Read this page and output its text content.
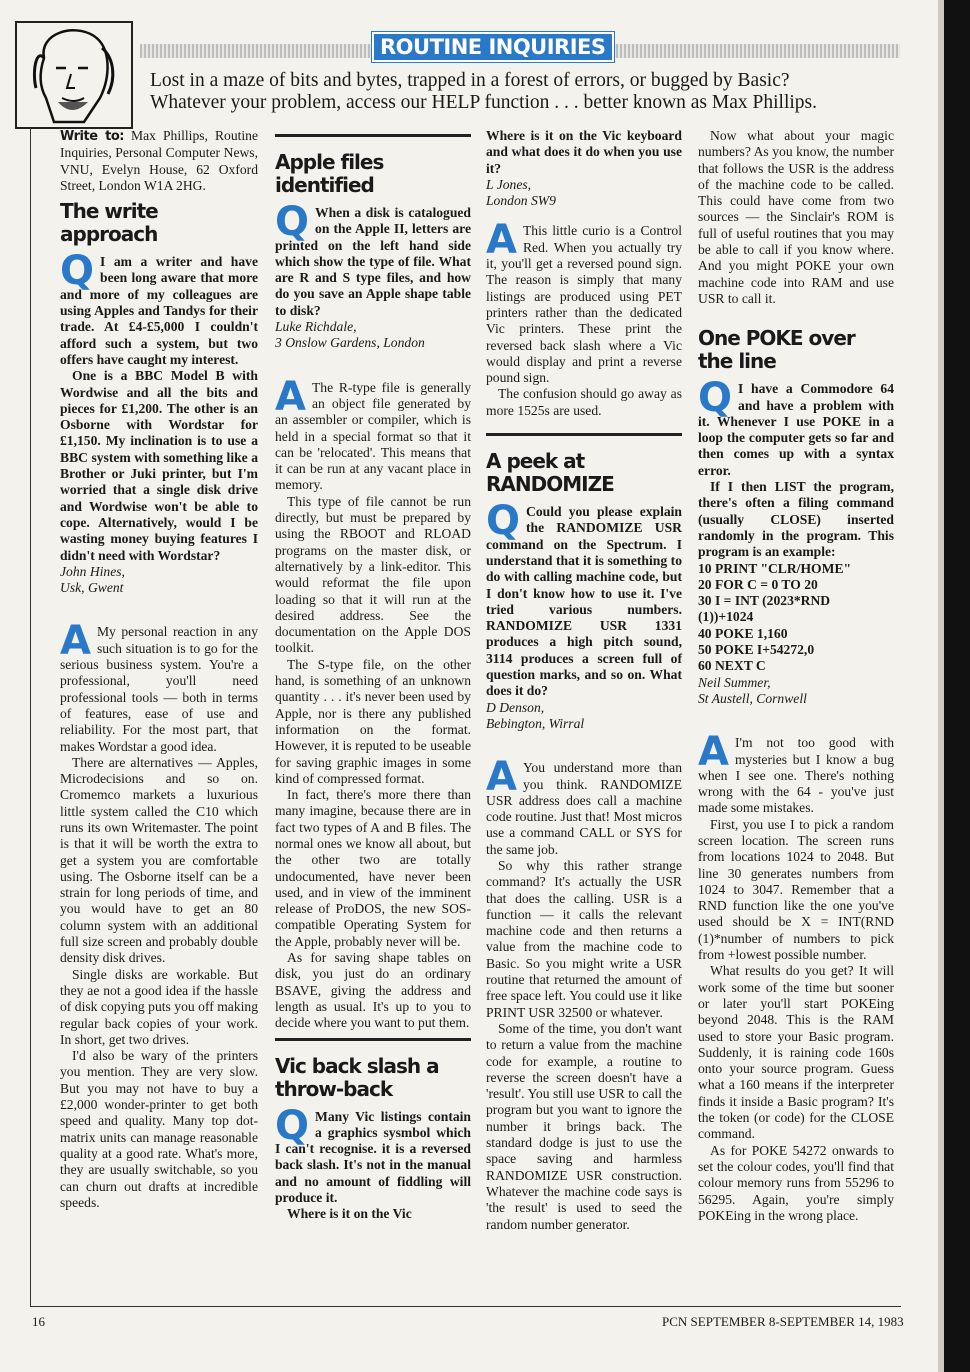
ROUTINE INQUIRIES
Lost in a maze of bits and bytes, trapped in a forest of errors, or bugged by Basic?
Whatever your problem, access our HELP function . . . better known as Max Phillips.

Write to: Max Phillips, Routine Inquiries, Personal Computer News, VNU, Evelyn House, 62 Oxford Street, London W1A 2HG.

The write approach

Q I am a writer and have been long aware that more and more of my colleagues are using Apples and Tandys for their trade. At £4-£5,000 I couldn't afford such a system, but two offers have caught my interest.

One is a BBC Model B with Wordwise and all the bits and pieces for £1,200. The other is an Osborne with Wordstar for £1,150. My inclination is to use a BBC system with something like a Brother or Juki printer, but I'm worried that a single disk drive and Wordwise won't be able to cope. Alternatively, would I be wasting money buying features I didn't need with Wordstar?

John Hines,

Usk, Gwent

A My personal reaction in any such situation is to go for the serious business system. You're a professional, you'll need professional tools — both in terms of features, ease of use and reliability. For the most part, that makes Wordstar a good idea.

There are alternatives — Apples, Microdecisions and so on. Cromemco markets a luxurious little system called the C10 which runs its own Writemaster. The point is that it will be worth the extra to get a system you are comfortable using. The Osborne itself can be a strain for long periods of time, and you would have to get an 80 column system with an additional full size screen and probably double density disk drives.

Single disks are workable. But they ae not a good idea if the hassle of disk copying puts you off making regular back copies of your work. In short, get two drives.

I'd also be wary of the printers you mention. They are very slow. But you may not have to buy a £2,000 wonder-printer to get both speed and quality. Many top dot-matrix units can manage reasonable quality at a good rate. What's more, they are usually switchable, so you can churn out drafts at incredible speeds.

Apple files identified

Q When a disk is catalogued on the Apple II, letters are printed on the left hand side which show the type of file. What are R and S type files, and how do you save an Apple shape table to disk?

Luke Richdale,

3 Onslow Gardens, London

A The R-type file is generally an object file generated by an assembler or compiler, which is held in a special format so that it can be 'relocated'. This means that it can be run at any vacant place in memory.

This type of file cannot be run directly, but must be prepared by using the RBOOT and RLOAD programs on the master disk, or alternatively by a link-editor. This would reformat the file upon loading so that it will run at the desired address. See the documentation on the Apple DOS toolkit.

The S-type file, on the other hand, is something of an unknown quantity . . . it's never been used by Apple, nor is there any published information on the format. However, it is reputed to be useable for saving graphic images in some kind of compressed format.

In fact, there's more there than many imagine, because there are in fact two types of A and B files. The normal ones we know all about, but the other two are totally undocumented, have never been used, and in view of the imminent release of ProDOS, the new SOS-compatible Operating System for the Apple, probably never will be.

As for saving shape tables on disk, you just do an ordinary BSAVE, giving the address and length as usual. It's up to you to decide where you want to put them.

Vic back slash a throw-back

Q Many Vic listings contain a graphics sysmbol which I can't recognise. it is a reversed back slash. It's not in the manual and no amount of fiddling will produce it.

Where is it on the Vic

Where is it on the Vic keyboard and what does it do when you use it?

L Jones,

London SW9

A This little curio is a Control Red. When you actually try it, you'll get a reversed pound sign. The reason is simply that many listings are produced using PET printers rather than the dedicated Vic printers. These print the reversed back slash where a Vic would display and print a reverse pound sign.

The confusion should go away as more 1525s are used.

A peek at RANDOMIZE

Q Could you please explain the RANDOMIZE USR command on the Spectrum. I understand that it is something to do with calling machine code, but I don't know how to use it. I've tried various numbers. RANDOMIZE USR 1331 produces a high pitch sound, 3114 produces a screen full of question marks, and so on. What does it do?

D Denson,

Bebington, Wirral

A You understand more than you think. RANDOMIZE USR address does call a machine code routine. Just that! Most micros use a command CALL or SYS for the same job.

So why this rather strange command? It's actually the USR that does the calling. USR is a function — it calls the relevant machine code and then returns a value from the machine code to Basic. So you might write a USR routine that returned the amount of free space left. You could use it like PRINT USR 32500 or whatever.

Some of the time, you don't want to return a value from the machine code for example, a routine to reverse the screen doesn't have a 'result'. You still use USR to call the program but you want to ignore the number it brings back. The standard dodge is just to use the space saving and harmless RANDOMIZE USR construction. Whatever the machine code says is 'the result' is used to seed the random number generator.

Now what about your magic numbers? As you know, the number that follows the USR is the address of the machine code to be called. This could have come from two sources — the Sinclair's ROM is full of useful routines that you may be able to call if you know where. And you might POKE your own machine code into RAM and use USR to call it.

One POKE over the line

Q I have a Commodore 64 and have a problem with it. Whenever I use POKE in a loop the computer gets so far and then comes up with a syntax error.

If I then LIST the program, there's often a filing command (usually CLOSE) inserted randomly in the program. This program is an example:

10 PRINT "CLR/HOME"

20 FOR C = 0 TO 20

30 I = INT (2023*RND

(1))+1024

40 POKE 1,160

50 POKE I+54272,0

60 NEXT C

Neil Summer,

St Austell, Cornwell

A I'm not too good with mysteries but I know a bug when I see one. There's nothing wrong with the 64 - you've just made some mistakes.

First, you use I to pick a random screen location. The screen runs from locations 1024 to 2048. But line 30 generates numbers from 1024 to 3047. Remember that a RND function like the one you've used should be X = INT(RND (1)*number of numbers to pick from +lowest possible number.

What results do you get? It will work some of the time but sooner or later you'll start POKEing beyond 2048. This is the RAM used to store your Basic program. Suddenly, it is raining code 160s onto your source program. Guess what a 160 means if the interpreter finds it inside a Basic program? It's the token (or code) for the CLOSE command.

As for POKE 54272 onwards to set the colour codes, you'll find that colour memory runs from 55296 to 56295. Again, you're simply POKEing in the wrong place.

16	PCN SEPTEMBER 8-SEPTEMBER 14, 1983
